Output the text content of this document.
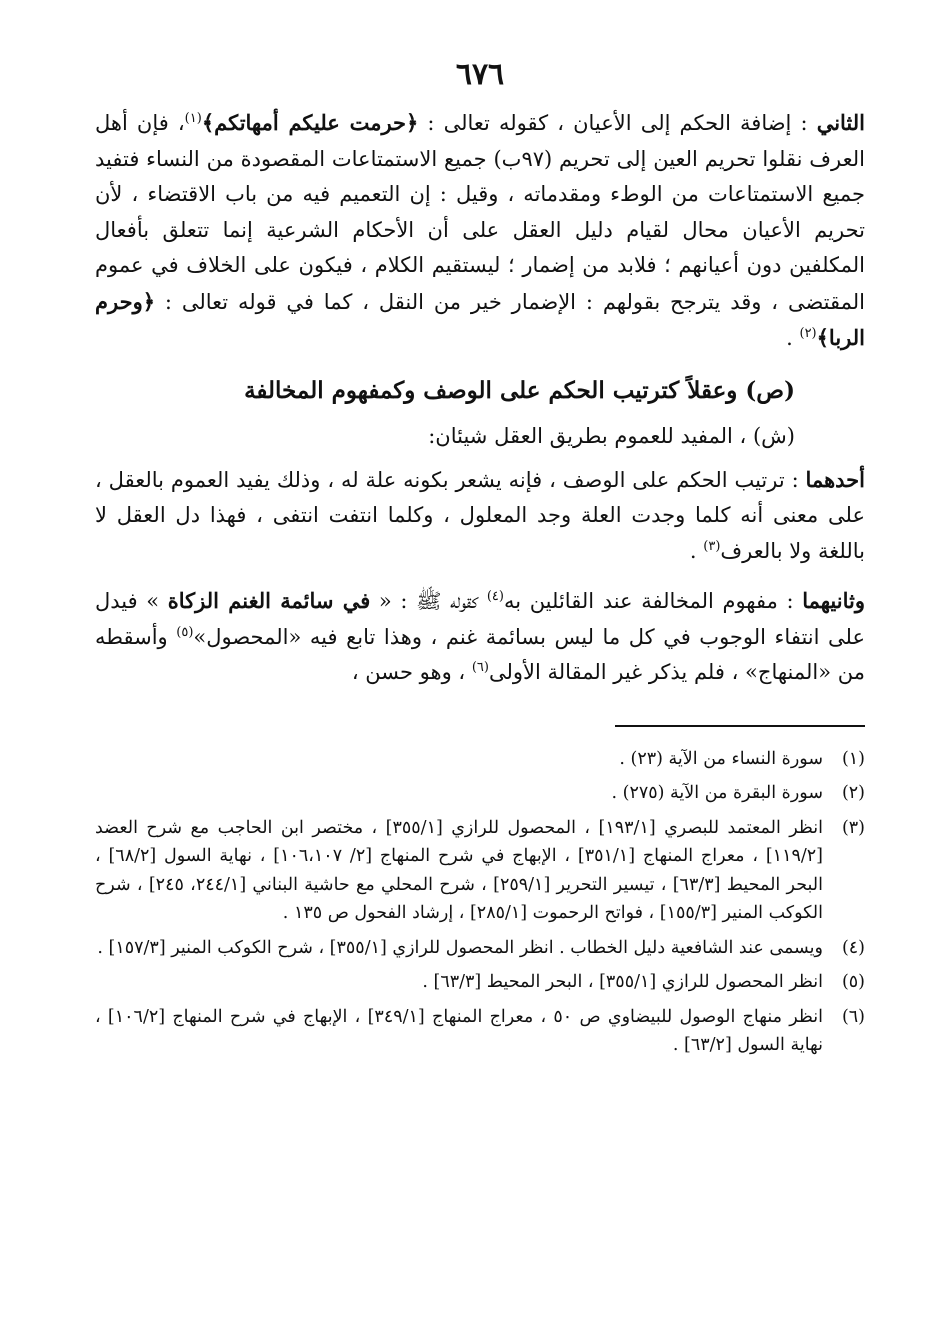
٦٧٦

الثاني : إضافة الحكم إلى الأعيان ، كقوله تعالى : ﴿حرمت عليكم أمهاتكم﴾$^{(١)}$، فإن أهل العرف نقلوا تحريم العين إلى تحريم (٩٧ب) جميع الاستمتاعات المقصودة من النساء فتفيد جميع الاستمتاعات من الوطء ومقدماته ، وقيل : إن التعميم فيه من باب الاقتضاء ، لأن تحريم الأعيان محال لقيام دليل العقل على أن الأحكام الشرعية إنما تتعلق بأفعال المكلفين دون أعيانهم ؛ فلابد من إضمار ؛ ليستقيم الكلام ، فيكون على الخلاف في عموم المقتضى ، وقد يترجح بقولهم : الإضمار خير من النقل ، كما في قوله تعالى : ﴿وحرم الربا﴾$^{(٢)}$ .

(ص) وعقلاً كترتيب الحكم على الوصف وكمفهوم المخالفة
(ش) ، المفيد للعموم بطريق العقل شيئان:

أحدهما : ترتيب الحكم على الوصف ، فإنه يشعر بكونه علة له ، وذلك يفيد العموم بالعقل ، على معنى أنه كلما وجدت العلة وجد المعلول ، وكلما انتفت انتفى ، فهذا دل العقل لا باللغة ولا بالعرف$^{(٣)}$ .

وثانيهما : مفهوم المخالفة عند القائلين به$^{(٤)}$ كقوله ﷺ : « في سائمة الغنم الزكاة » فيدل على انتفاء الوجوب في كل ما ليس بسائمة غنم ، وهذا تابع فيه «المحصول»$^{(٥)}$ وأسقطه من «المنهاج» ، فلم يذكر غير المقالة الأولى$^{(٦)}$ ، وهو حسن ،

(١)
سورة النساء من الآية (٢٣) .

(٢)
سورة البقرة من الآية (٢٧٥) .

(٣)
انظر المعتمد للبصري [١٩٣/١] ، المحصول للرازي [٣٥٥/١] ، مختصر ابن الحاجب مع شرح العضد [١١٩/٢] ، معراج المنهاج [٣٥١/١] ، الإبهاج في شرح المنهاج [٢/ ١٠٦،١٠٧] ، نهاية السول [٦٨/٢] ، البحر المحيط [٦٣/٣] ، تيسير التحرير [٢٥٩/١] ، شرح المحلي مع حاشية البناني [٢٤٤/١، ٢٤٥] ، شرح الكوكب المنير [١٥٥/٣] ، فواتح الرحموت [٢٨٥/١] ، إرشاد الفحول ص ١٣٥ .

(٤)
ويسمى عند الشافعية دليل الخطاب . انظر المحصول للرازي [٣٥٥/١] ، شرح الكوكب المنير [١٥٧/٣] .

(٥)
انظر المحصول للرازي [٣٥٥/١] ، البحر المحيط [٦٣/٣] .

(٦)
انظر منهاج الوصول للبيضاوي ص ٥٠ ، معراج المنهاج [٣٤٩/١] ، الإبهاج في شرح المنهاج [١٠٦/٢] ، نهاية السول [٦٣/٢] .
